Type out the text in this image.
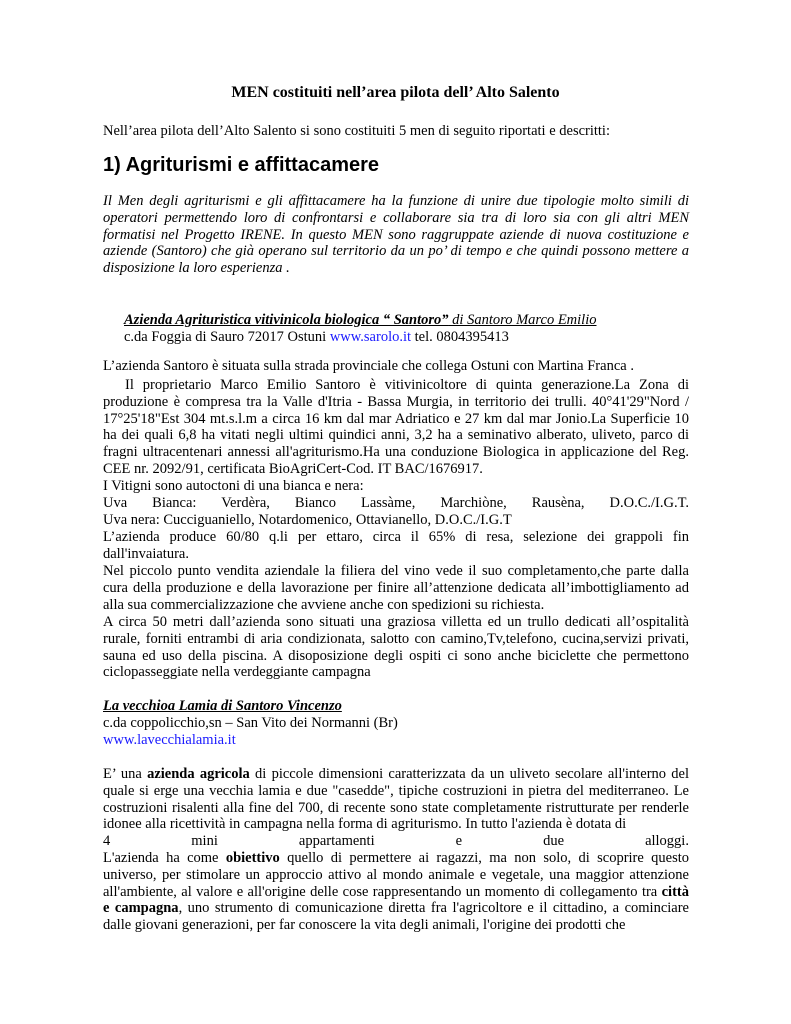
MEN costituiti nell’area pilota dell’ Alto Salento
Nell’area pilota dell’Alto Salento si sono costituiti 5 men di seguito riportati e descritti:
1) Agriturismi e affittacamere
Il Men degli agriturismi e gli affittacamere ha la funzione di unire due tipologie molto simili di operatori permettendo loro di confrontarsi e collaborare sia tra di loro sia con gli altri MEN formatisi nel Progetto IRENE. In questo MEN sono raggruppate aziende di nuova costituzione e aziende (Santoro) che già operano sul territorio da un po’ di tempo e che quindi possono mettere a disposizione la loro esperienza .
Azienda Agrituristica vitivinicola biologica “ Santoro” di Santoro Marco Emilio
c.da Foggia di Sauro 72017 Ostuni www.sarolo.it tel. 0804395413
L’azienda Santoro è situata sulla strada provinciale che collega Ostuni con Martina Franca .
Il proprietario Marco Emilio Santoro è vitivinicoltore di quinta generazione.La Zona di produzione è compresa tra la Valle d'Itria - Bassa Murgia, in territorio dei trulli. 40°41'29"Nord / 17°25'18"Est 304 mt.s.l.m a circa 16 km dal mar Adriatico e 27 km dal mar Jonio.La Superficie 10 ha dei quali 6,8 ha vitati negli ultimi quindici anni, 3,2 ha a seminativo alberato, uliveto, parco di fragni ultracentenari annessi all'agriturismo.Ha una conduzione Biologica in applicazione del Reg. CEE nr. 2092/91, certificata BioAgriCert-Cod. IT BAC/1676917.
I Vitigni sono autoctoni di una bianca e nera:
Uva Bianca: Verdèra, Bianco Lassàme, Marchiòne, Rausèna, D.O.C./I.G.T.
Uva nera: Cucciguaniello, Notardomenico, Ottavianello, D.O.C./I.G.T
L’azienda produce 60/80 q.li per ettaro, circa il 65% di resa, selezione dei grappoli fin dall'invaiatura.
Nel piccolo punto vendita aziendale la filiera del vino vede il suo completamento,che parte dalla cura della produzione e della lavorazione per finire all’attenzione dedicata all’imbottigliamento ad alla sua commercializzazione che avviene anche con spedizioni su richiesta.
A circa 50 metri dall’azienda sono situati una graziosa villetta ed un trullo dedicati all’ospitalità rurale, forniti entrambi di aria condizionata, salotto con camino,Tv,telefono, cucina,servizi privati, sauna ed uso della piscina. A disoposizione degli ospiti ci sono anche biciclette che permettono ciclopasseggiate nella verdeggiante campagna
La vecchioa Lamia di Santoro Vincenzo
c.da coppolicchio,sn – San Vito dei Normanni (Br)
www.lavecchialamia.it
E’ una azienda agricola di piccole dimensioni caratterizzata da un uliveto secolare all'interno del quale si erge una vecchia lamia e due "casedde", tipiche costruzioni in pietra del mediterraneo. Le costruzioni risalenti alla fine del 700, di recente sono state completamente ristrutturate per renderle idonee alla ricettività in campagna nella forma di agriturismo. In tutto l'azienda è dotata di
4	mini	appartamenti	e	due	alloggi.
L'azienda ha come obiettivo quello di permettere ai ragazzi, ma non solo, di scoprire questo universo, per stimolare un approccio attivo al mondo animale e vegetale, una maggior attenzione all'ambiente, al valore e all'origine delle cose rappresentando un momento di collegamento tra città e campagna, uno strumento di comunicazione diretta fra l'agricoltore e il cittadino, a cominciare dalle giovani generazioni, per far conoscere la vita degli animali, l'origine dei prodotti che
